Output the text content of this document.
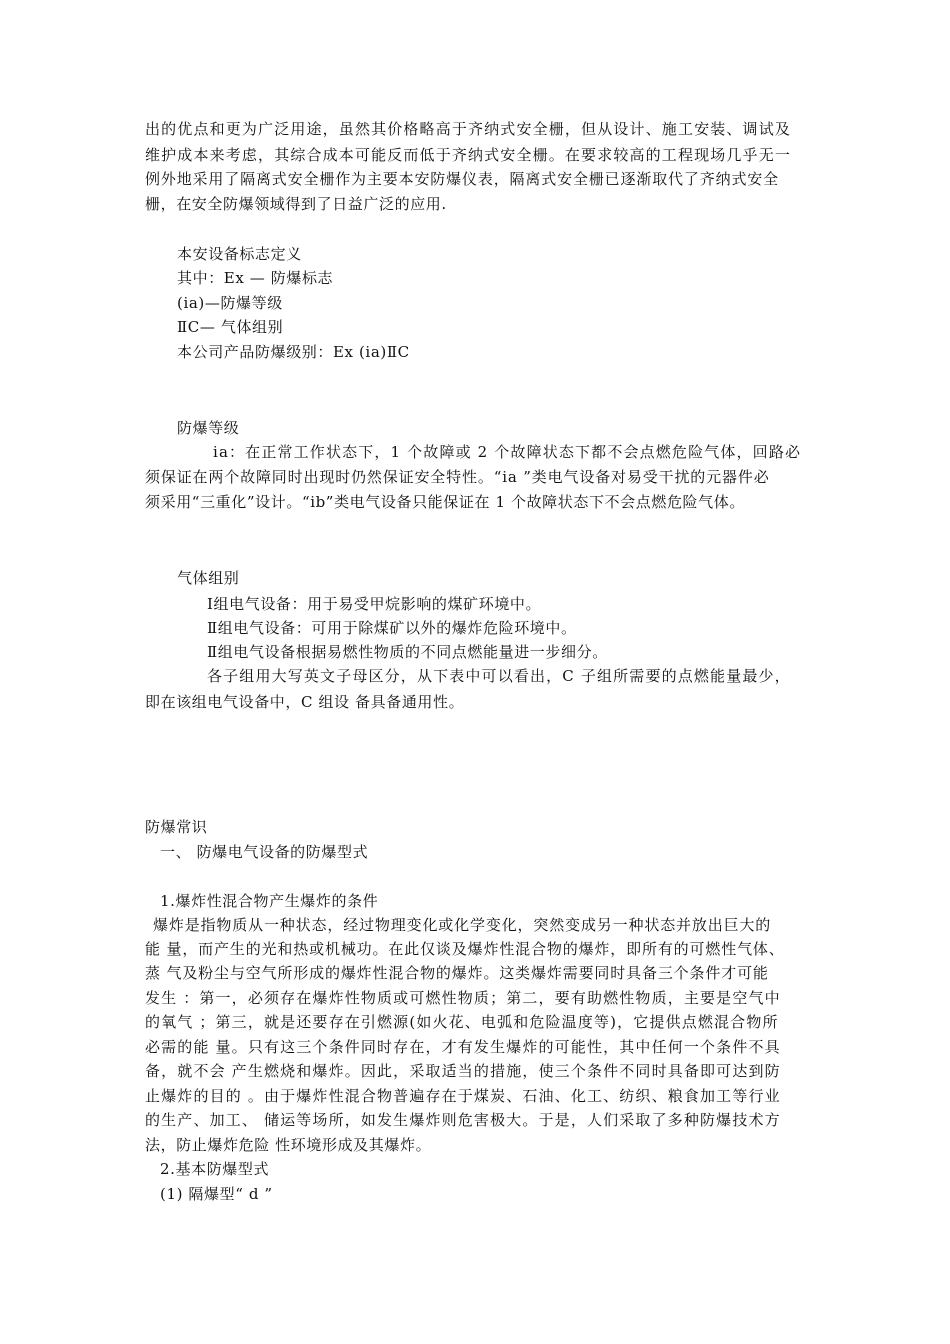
出的优点和更为广泛用途，虽然其价格略高于齐纳式安全栅，但从设计、施工安装、调试及
维护成本来考虑，其综合成本可能反而低于齐纳式安全栅。在要求较高的工程现场几乎无一
例外地采用了隔离式安全栅作为主要本安防爆仪表，隔离式安全栅已逐渐取代了齐纳式安全
栅，在安全防爆领域得到了日益广泛的应用.
本安设备标志定义
其中：Ex — 防爆标志
(ia)—防爆等级
ⅡC— 气体组别
本公司产品防爆级别：Ex (ia)ⅡC
防爆等级
ia：在正常工作状态下，1 个故障或 2 个故障状态下都不会点燃危险气体，回路必
须保证在两个故障同时出现时仍然保证安全特性。“ia ”类电气设备对易受干扰的元器件必
须采用“三重化”设计。“ib”类电气设备只能保证在 1 个故障状态下不会点燃危险气体。
气体组别
Ⅰ组电气设备：用于易受甲烷影响的煤矿环境中。
Ⅱ组电气设备：可用于除煤矿以外的爆炸危险环境中。
Ⅱ组电气设备根据易燃性物质的不同点燃能量进一步细分。
各子组用大写英文子母区分，从下表中可以看出，C 子组所需要的点燃能量最少，
即在该组电气设备中，C 组设 备具备通用性。
防爆常识
一、 防爆电气设备的防爆型式
1.爆炸性混合物产生爆炸的条件
爆炸是指物质从一种状态，经过物理变化或化学变化，突然变成另一种状态并放出巨大的
能 量，而产生的光和热或机械功。在此仅谈及爆炸性混合物的爆炸，即所有的可燃性气体、
蒸 气及粉尘与空气所形成的爆炸性混合物的爆炸。这类爆炸需要同时具备三个条件才可能
发生 ：第一，必须存在爆炸性物质或可燃性物质；第二，要有助燃性物质，主要是空气中
的氧气 ；第三，就是还要存在引燃源(如火花、电弧和危险温度等)，它提供点燃混合物所
必需的能 量。只有这三个条件同时存在，才有发生爆炸的可能性，其中任何一个条件不具
备，就不会 产生燃烧和爆炸。因此，采取适当的措施，使三个条件不同时具备即可达到防
止爆炸的目的 。由于爆炸性混合物普遍存在于煤炭、石油、化工、纺织、粮食加工等行业
的生产、加工、 储运等场所，如发生爆炸则危害极大。于是，人们采取了多种防爆技术方
法，防止爆炸危险 性环境形成及其爆炸。
2.基本防爆型式
(1) 隔爆型“ d ”
